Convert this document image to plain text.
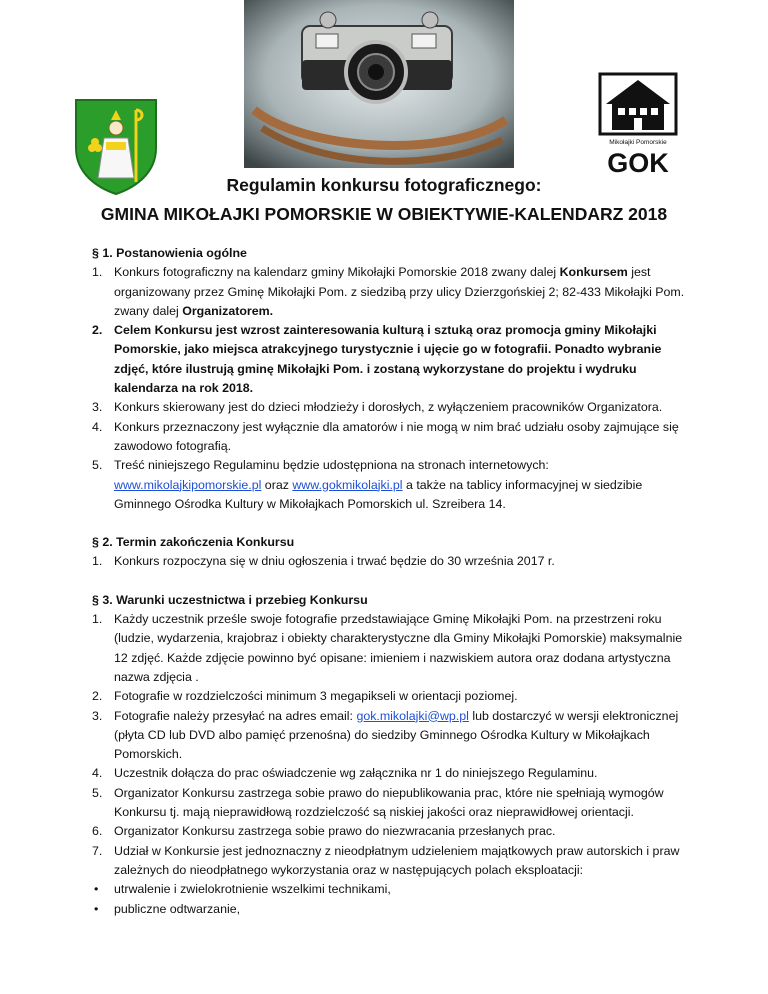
Mikołajki Pomorskie
GOK
Regulamin konkursu fotograficznego:
GMINA MIKOŁAJKI POMORSKIE W OBIEKTYWIE-KALENDARZ 2018

§ 1. Postanowienia ogólne

1. Konkurs fotograficzny na kalendarz gminy Mikołajki Pomorskie 2018 zwany dalej Konkursem jest organizowany przez Gminę Mikołajki Pom. z siedzibą przy ulicy Dzierzgońskiej 2; 82-433 Mikołajki Pom. zwany dalej Organizatorem.
2. Celem Konkursu jest wzrost zainteresowania kulturą i sztuką oraz promocja gminy Mikołajki Pomorskie, jako miejsca atrakcyjnego turystycznie i ujęcie go w fotografii. Ponadto wybranie zdjęć, które ilustrują gminę Mikołajki Pom. i zostaną wykorzystane do projektu i wydruku kalendarza na rok 2018.
3. Konkurs skierowany jest do dzieci młodzieży i dorosłych, z wyłączeniem pracowników Organizatora.
4. Konkurs przeznaczony jest wyłącznie dla amatorów i nie mogą w nim brać udziału osoby zajmujące się zawodowo fotografią.
5. Treść niniejszego Regulaminu będzie udostępniona na stronach internetowych: www.mikolajkipomorskie.pl oraz www.gokmikolajki.pl a także na tablicy informacyjnej w siedzibie Gminnego Ośrodka Kultury w Mikołajkach Pomorskich ul. Szreibera 14.

§ 2. Termin zakończenia Konkursu

1. Konkurs rozpoczyna się w dniu ogłoszenia i trwać będzie do 30 września 2017 r.

§ 3. Warunki uczestnictwa i przebieg Konkursu

1. Każdy uczestnik prześle swoje fotografie przedstawiające Gminę Mikołajki Pom. na przestrzeni roku (ludzie, wydarzenia, krajobraz i obiekty charakterystyczne dla Gminy Mikołajki Pomorskie) maksymalnie 12 zdjęć. Każde zdjęcie powinno być opisane: imieniem i nazwiskiem autora oraz dodana artystyczna nazwa zdjęcia .
2. Fotografie w rozdzielczości minimum 3 megapikseli w orientacji poziomej.
3. Fotografie należy przesyłać na adres email: gok.mikolajki@wp.pl lub dostarczyć w wersji elektronicznej (płyta CD lub DVD albo pamięć przenośna) do siedziby Gminnego Ośrodka Kultury w Mikołajkach Pomorskich.
4. Uczestnik dołącza do prac oświadczenie wg załącznika nr 1 do niniejszego Regulaminu.
5. Organizator Konkursu zastrzega sobie prawo do niepublikowania prac, które nie spełniają wymogów Konkursu tj. mają nieprawidłową rozdzielczość są niskiej jakości oraz nieprawidłowej orientacji.
6. Organizator Konkursu zastrzega sobie prawo do niezwracania przesłanych prac.
7. Udział w Konkursie jest jednoznaczny z nieodpłatnym udzieleniem majątkowych praw autorskich i praw zależnych do nieodpłatnego wykorzystania oraz w następujących polach eksploatacji:
• utrwalenie i zwielokrotnienie wszelkimi technikami,
• publiczne odtwarzanie,
